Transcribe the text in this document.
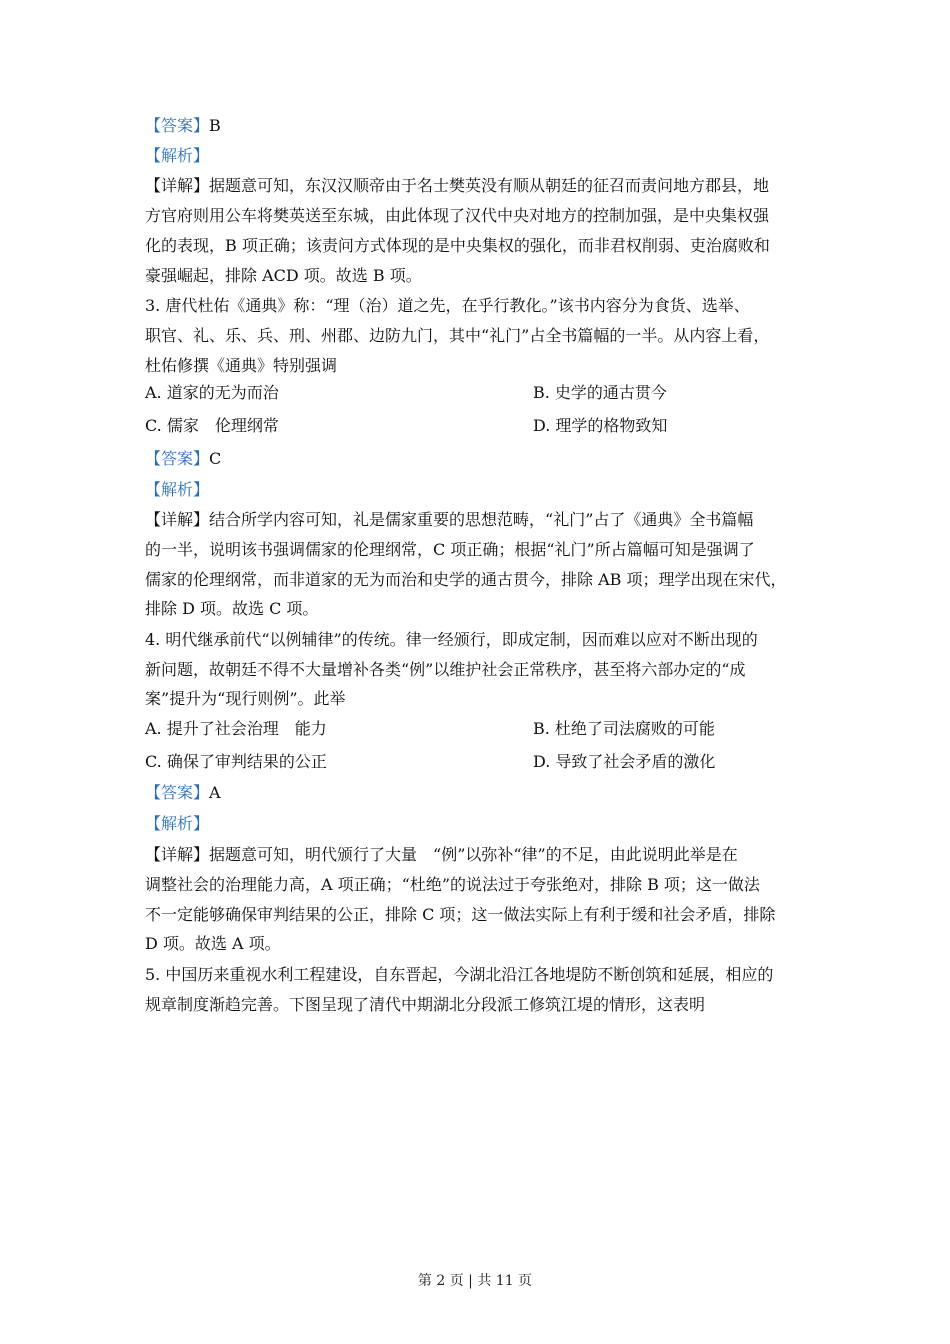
【答案】B
【解析】
【详解】据题意可知，东汉汉顺帝由于名士樊英没有顺从朝廷的征召而责问地方郡县，地
方官府则用公车将樊英送至东城，由此体现了汉代中央对地方的控制加强，是中央集权强
化的表现，B 项正确；该责问方式体现的是中央集权的强化，而非君权削弱、吏治腐败和
豪强崛起，排除 ACD 项。故选 B 项。
3. 唐代杜佑《通典》称：“理（治）道之先，在乎行教化。”该书内容分为食货、选举、
职官、礼、乐、兵、刑、州郡、边防九门，其中“礼门”占全书篇幅的一半。从内容上看，
杜佑修撰《通典》特别强调
A. 道家的无为而治	B. 史学的通古贯今
C. 儒家　伦理纲常	D. 理学的格物致知
【答案】C
【解析】
【详解】结合所学内容可知，礼是儒家重要的思想范畴，“礼门”占了《通典》全书篇幅
的一半，说明该书强调儒家的伦理纲常，C 项正确；根据“礼门”所占篇幅可知是强调了
儒家的伦理纲常，而非道家的无为而治和史学的通古贯今，排除 AB 项；理学出现在宋代，
排除 D 项。故选 C 项。
4. 明代继承前代“以例辅律”的传统。律一经颁行，即成定制，因而难以应对不断出现的
新问题，故朝廷不得不大量增补各类“例”以维护社会正常秩序，甚至将六部办定的“成
案”提升为“现行则例”。此举
A. 提升了社会治理　能力	B. 杜绝了司法腐败的可能
C. 确保了审判结果的公正	D. 导致了社会矛盾的激化
【答案】A
【解析】
【详解】据题意可知，明代颁行了大量　“例”以弥补“律”的不足，由此说明此举是在
调整社会的治理能力高，A 项正确；“杜绝”的说法过于夸张绝对，排除 B 项；这一做法
不一定能够确保审判结果的公正，排除 C 项；这一做法实际上有利于缓和社会矛盾，排除
D 项。故选 A 项。
5. 中国历来重视水利工程建设，自东晋起，今湖北沿江各地堤防不断创筑和延展，相应的
规章制度渐趋完善。下图呈现了清代中期湖北分段派工修筑江堤的情形，这表明
第 2 页 | 共 11 页
